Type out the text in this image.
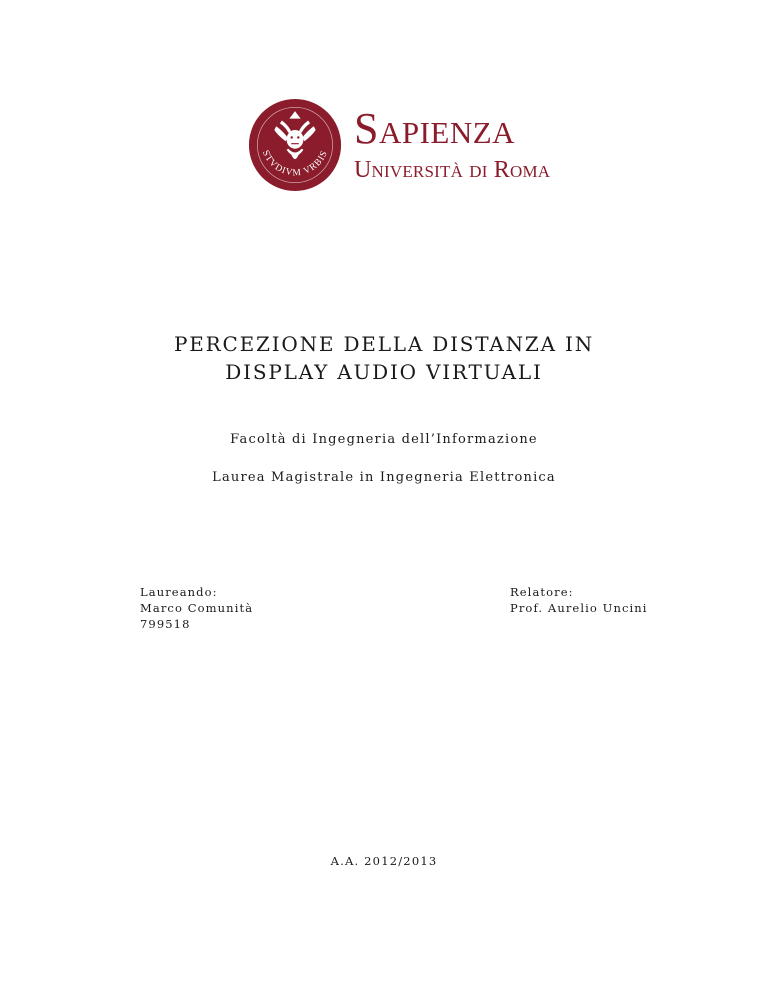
STVDIVM VRBIS
Sapienza
Università di Roma
PERCEZIONE DELLA DISTANZA IN
DISPLAY AUDIO VIRTUALI
Facoltà di Ingegneria dell’Informazione
Laurea Magistrale in Ingegneria Elettronica
Laureando:
Marco Comunità
799518
Relatore:
Prof. Aurelio Uncini
A.A. 2012/2013
